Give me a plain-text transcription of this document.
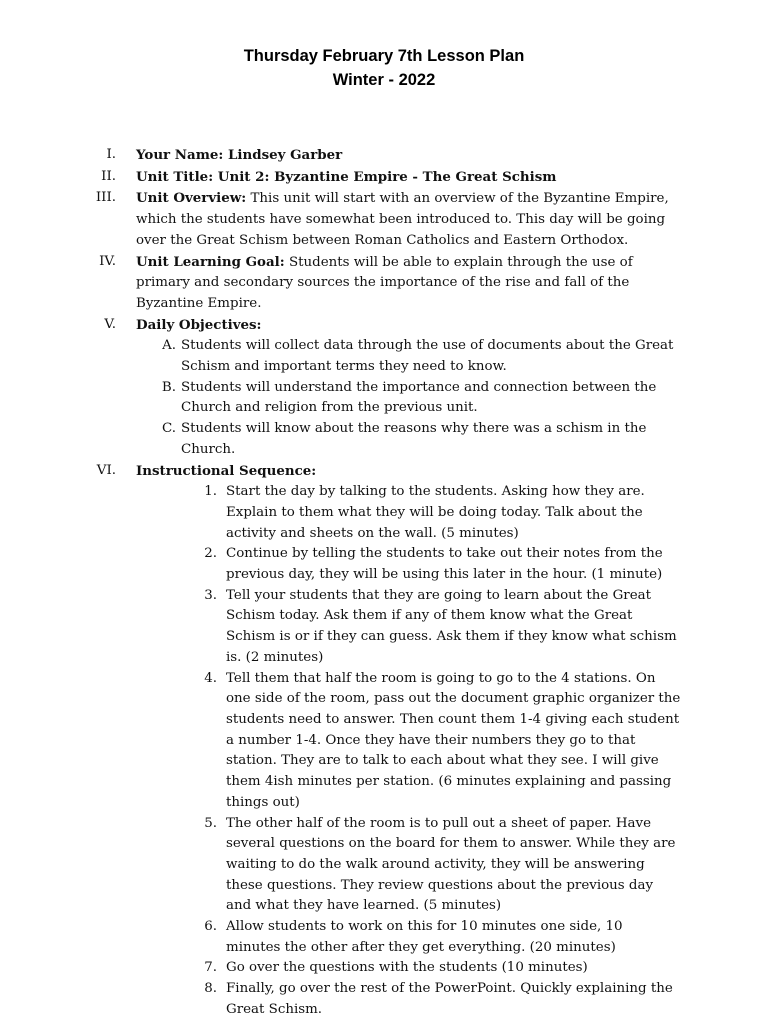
Thursday February 7th Lesson Plan
Winter - 2022
I. Your Name: Lindsey Garber
II. Unit Title: Unit 2: Byzantine Empire - The Great Schism
III. Unit Overview: This unit will start with an overview of the Byzantine Empire, which the students have somewhat been introduced to. This day will be going over the Great Schism between Roman Catholics and Eastern Orthodox.
IV. Unit Learning Goal: Students will be able to explain through the use of primary and secondary sources the importance of the rise and fall of the Byzantine Empire.
V. Daily Objectives:
A. Students will collect data through the use of documents about the Great Schism and important terms they need to know.
B. Students will understand the importance and connection between the Church and religion from the previous unit.
C. Students will know about the reasons why there was a schism in the Church.
VI. Instructional Sequence:
1. Start the day by talking to the students. Asking how they are. Explain to them what they will be doing today. Talk about the activity and sheets on the wall. (5 minutes)
2. Continue by telling the students to take out their notes from the previous day, they will be using this later in the hour. (1 minute)
3. Tell your students that they are going to learn about the Great Schism today. Ask them if any of them know what the Great Schism is or if they can guess. Ask them if they know what schism is. (2 minutes)
4. Tell them that half the room is going to go to the 4 stations. On one side of the room, pass out the document graphic organizer the students need to answer. Then count them 1-4 giving each student a number 1-4. Once they have their numbers they go to that station. They are to talk to each about what they see. I will give them 4ish minutes per station. (6 minutes explaining and passing things out)
5. The other half of the room is to pull out a sheet of paper. Have several questions on the board for them to answer. While they are waiting to do the walk around activity, they will be answering these questions. They review questions about the previous day and what they have learned. (5 minutes)
6. Allow students to work on this for 10 minutes one side, 10 minutes the other after they get everything. (20 minutes)
7. Go over the questions with the students (10 minutes)
8. Finally, go over the rest of the PowerPoint. Quickly explaining the Great Schism.
